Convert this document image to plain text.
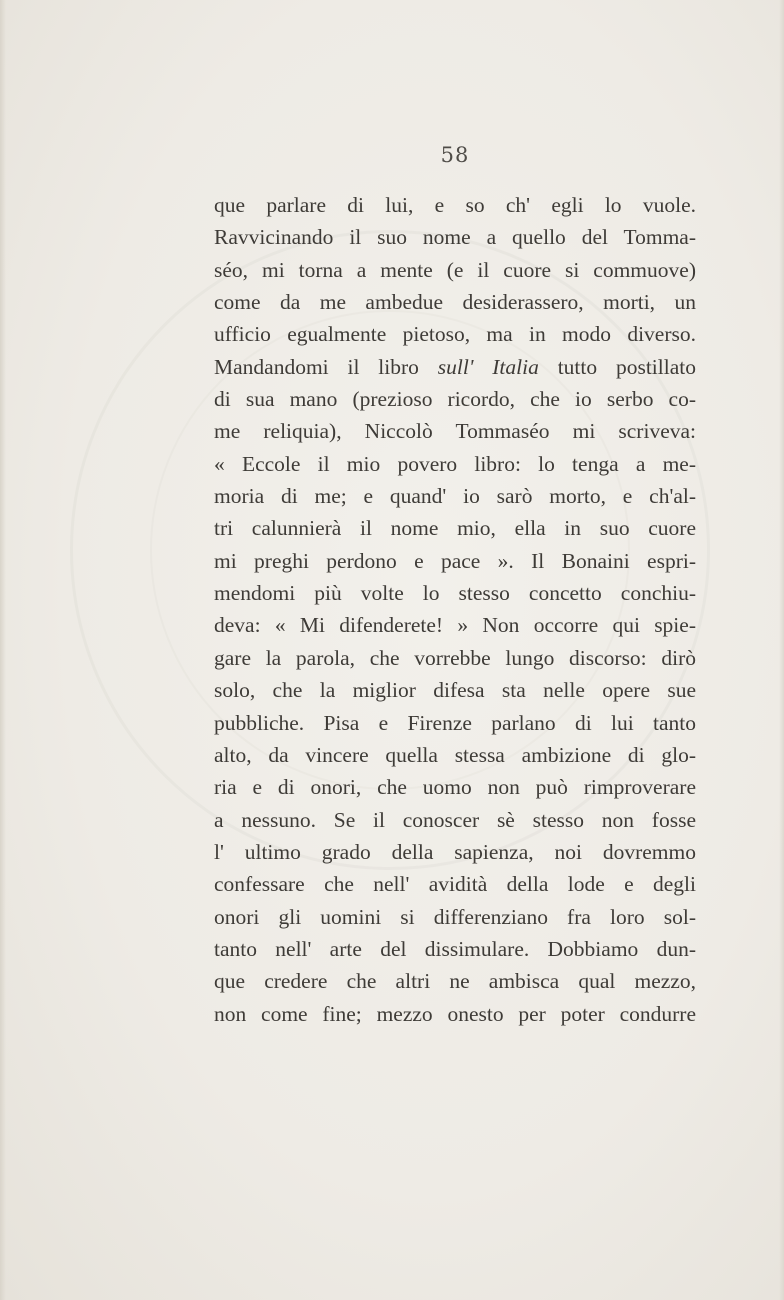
58
que parlare di lui, e so ch' egli lo vuole.
Ravvicinando il suo nome a quello del Tomma-
séo, mi torna a mente (e il cuore si commuove)
come da me ambedue desiderassero, morti, un
ufficio egualmente pietoso, ma in modo diverso.
Mandandomi il libro sull' Italia tutto postillato
di sua mano (prezioso ricordo, che io serbo co-
me reliquia), Niccolò Tommaséo mi scriveva:
« Eccole il mio povero libro: lo tenga a me-
moria di me; e quand' io sarò morto, e ch'al-
tri calunnierà il nome mio, ella in suo cuore
mi preghi perdono e pace ». Il Bonaini espri-
mendomi più volte lo stesso concetto conchiu-
deva: « Mi difenderete! » Non occorre qui spie-
gare la parola, che vorrebbe lungo discorso: dirò
solo, che la miglior difesa sta nelle opere sue
pubbliche. Pisa e Firenze parlano di lui tanto
alto, da vincere quella stessa ambizione di glo-
ria e di onori, che uomo non può rimproverare
a nessuno. Se il conoscer sè stesso non fosse
l' ultimo grado della sapienza, noi dovremmo
confessare che nell' avidità della lode e degli
onori gli uomini si differenziano fra loro sol-
tanto nell' arte del dissimulare. Dobbiamo dun-
que credere che altri ne ambisca qual mezzo,
non come fine; mezzo onesto per poter condurre
